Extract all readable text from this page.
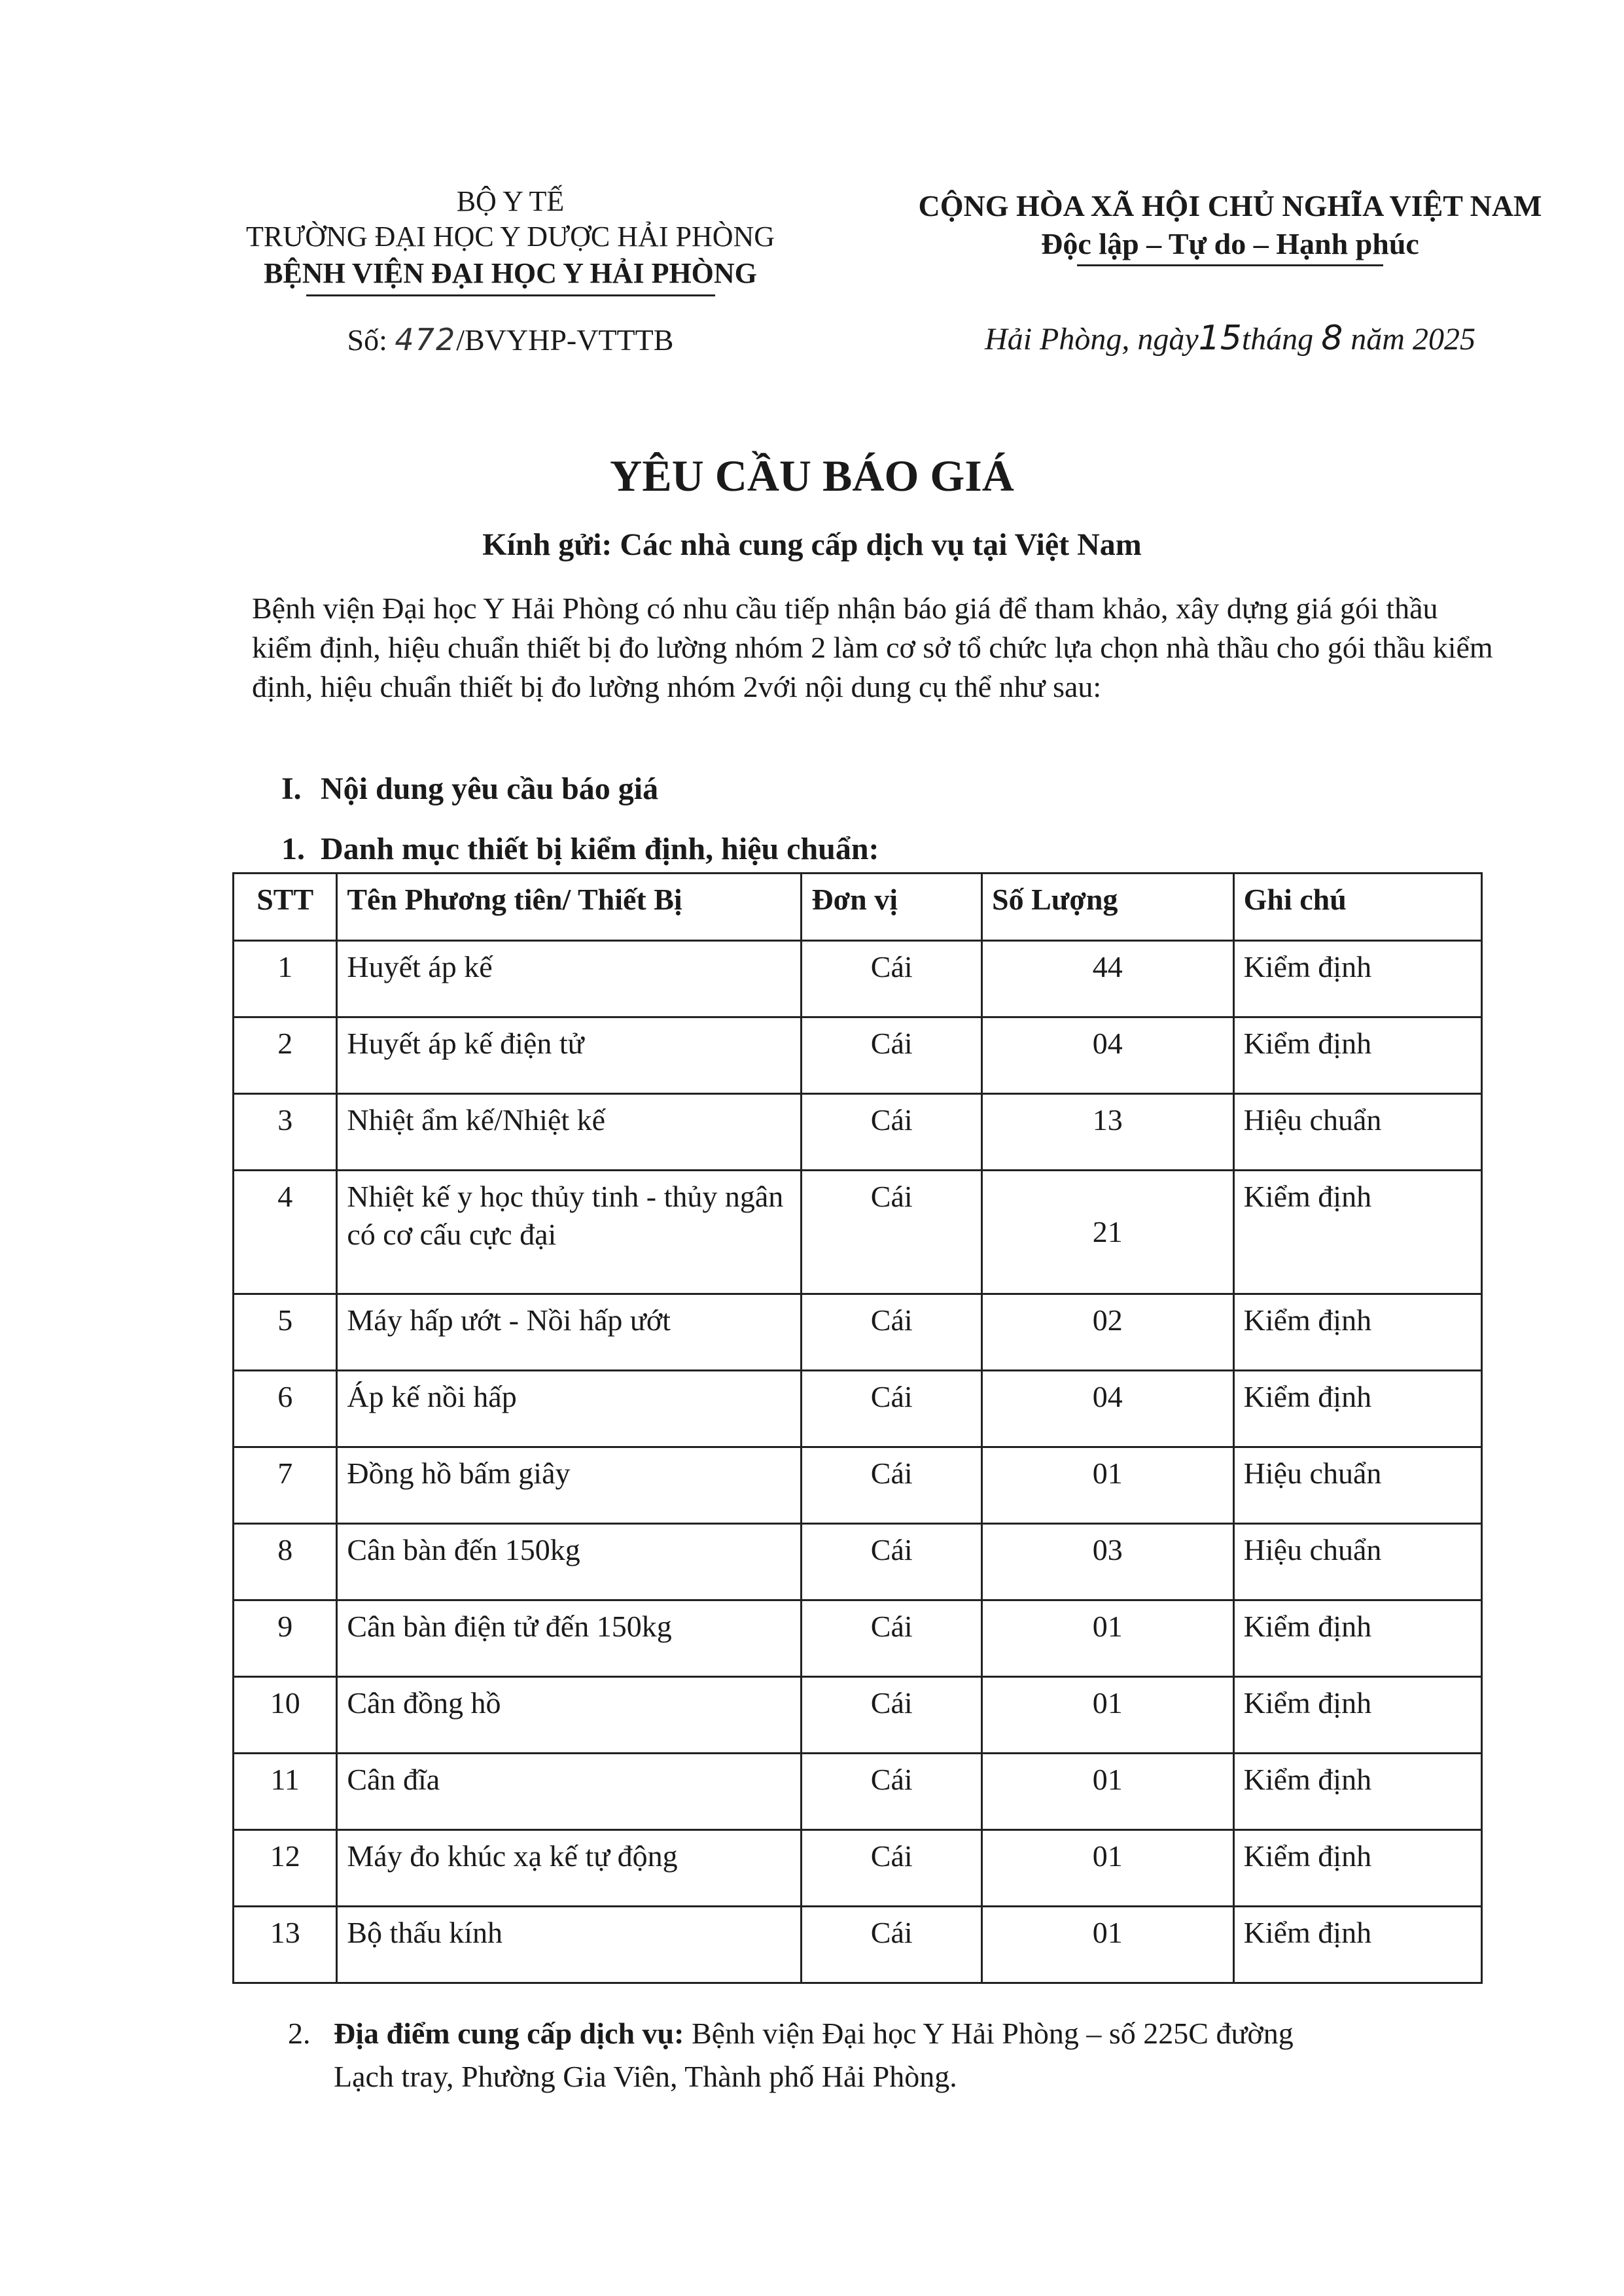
BỘ Y TẾ
TRƯỜNG ĐẠI HỌC Y DƯỢC HẢI PHÒNG
BỆNH VIỆN ĐẠI HỌC Y HẢI PHÒNG
Số: 472/BVYHP-VTTTB
CỘNG HÒA XÃ HỘI CHỦ NGHĨA VIỆT NAM
Độc lập – Tự do – Hạnh phúc
Hải Phòng, ngày15tháng 8 năm 2025
YÊU CẦU BÁO GIÁ
Kính gửi: Các nhà cung cấp dịch vụ tại Việt Nam
Bệnh viện Đại học Y Hải Phòng có nhu cầu tiếp nhận báo giá để tham khảo, xây dựng giá gói thầu kiểm định, hiệu chuẩn thiết bị đo lường nhóm 2 làm cơ sở tổ chức lựa chọn nhà thầu cho gói thầu kiểm định, hiệu chuẩn thiết bị đo lường nhóm 2với nội dung cụ thể như sau:
I. Nội dung yêu cầu báo giá
1. Danh mục thiết bị kiểm định, hiệu chuẩn:
STT	Tên Phương tiên/ Thiết Bị	Đơn vị	Số Lượng	Ghi chú
1	Huyết áp kế	Cái	44	Kiểm định
2	Huyết áp kế điện tử	Cái	04	Kiểm định
3	Nhiệt ẩm kế/Nhiệt kế	Cái	13	Hiệu chuẩn
4	Nhiệt kế y học thủy tinh - thủy ngân có cơ cấu cực đại	Cái	21	Kiểm định
5	Máy hấp ướt - Nồi hấp ướt	Cái	02	Kiểm định
6	Áp kế nồi hấp	Cái	04	Kiểm định
7	Đồng hồ bấm giây	Cái	01	Hiệu chuẩn
8	Cân bàn đến 150kg	Cái	03	Hiệu chuẩn
9	Cân bàn điện tử đến 150kg	Cái	01	Kiểm định
10	Cân đồng hồ	Cái	01	Kiểm định
11	Cân đĩa	Cái	01	Kiểm định
12	Máy đo khúc xạ kế tự động	Cái	01	Kiểm định
13	Bộ thấu kính	Cái	01	Kiểm định
2. Địa điểm cung cấp dịch vụ: Bệnh viện Đại học Y Hải Phòng – số 225C đường
Lạch tray, Phường Gia Viên, Thành phố Hải Phòng.
